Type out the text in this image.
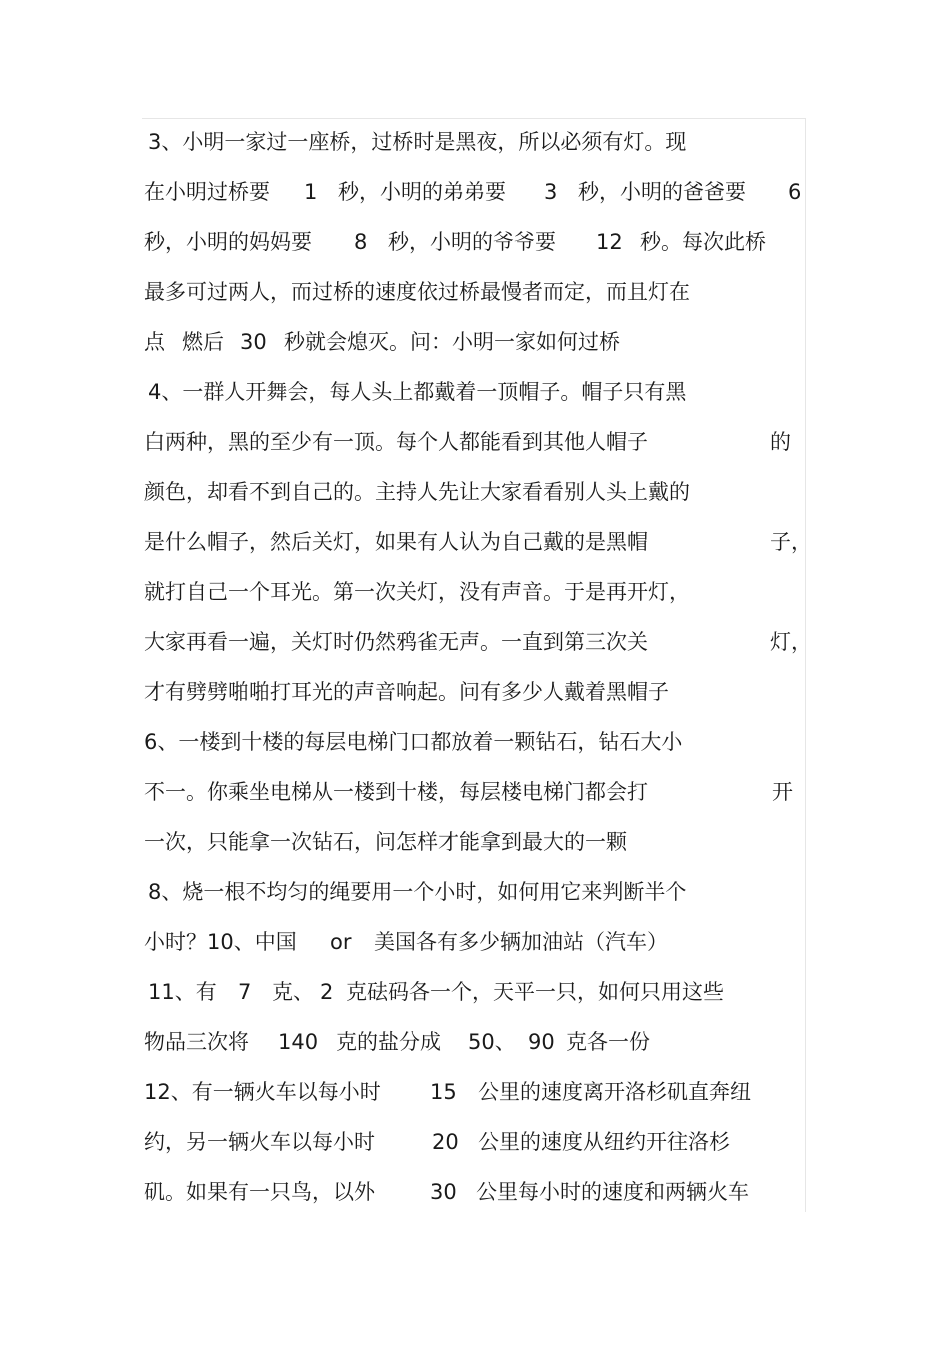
3、小明一家过一座桥，过桥时是黑夜，所以必须有灯。现

在小明过桥要

1

秒，小明的弟弟要

3

秒，小明的爸爸要

6

秒，小明的妈妈要

8

秒，小明的爷爷要

12

秒。每次此桥

最多可过两人，而过桥的速度依过桥最慢者而定，而且灯在

点

燃后

30

秒就会熄灭。问：小明一家如何过桥

4、一群人开舞会，每人头上都戴着一顶帽子。帽子只有黑

白两种，黑的至少有一顶。每个人都能看到其他人帽子

	的

颜色，却看不到自己的。主持人先让大家看看别人头上戴的

是什么帽子，然后关灯，如果有人认为自己戴的是黑帽

	子，

就打自己一个耳光。第一次关灯，没有声音。于是再开灯，

大家再看一遍，关灯时仍然鸦雀无声。一直到第三次关

	灯，

才有劈劈啪啪打耳光的声音响起。问有多少人戴着黑帽子

6、一楼到十楼的每层电梯门口都放着一颗钻石，钻石大小

不一。你乘坐电梯从一楼到十楼，每层楼电梯门都会打

	开

一次，只能拿一次钻石，问怎样才能拿到最大的一颗

8、烧一根不均匀的绳要用一个小时，如何用它来判断半个

小时？10、中国

or

美国各有多少辆加油站（汽车）

11、有

7

克、

2

克砝码各一个，天平一只，如何只用这些

物品三次将

140

克的盐分成

50、

90

克各一份

12、有一辆火车以每小时

15

公里的速度离开洛杉矶直奔纽

约，另一辆火车以每小时

	20

公里的速度从纽约开往洛杉

矶。如果有一只鸟，以外

	30

公里每小时的速度和两辆火车
